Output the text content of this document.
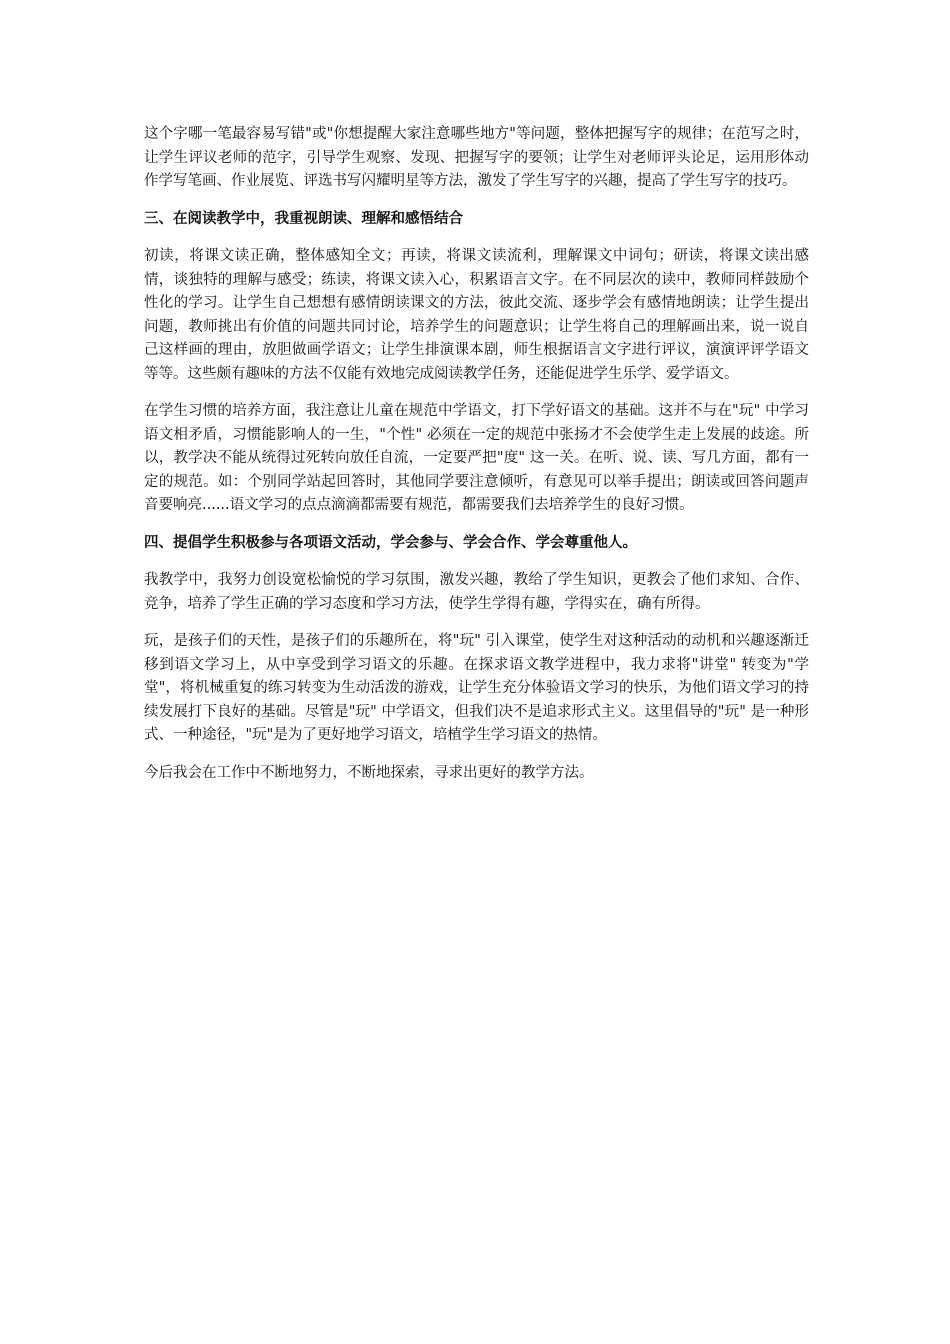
这个字哪一笔最容易写错"或"你想提醒大家注意哪些地方"等问题，整体把握写字的规律；在范写之时，让学生评议老师的范字，引导学生观察、发现、把握写字的要领；让学生对老师评头论足，运用形体动作学写笔画、作业展览、评选书写闪耀明星等方法，激发了学生写字的兴趣，提高了学生写字的技巧。

三、在阅读教学中，我重视朗读、理解和感悟结合

初读，将课文读正确，整体感知全文；再读，将课文读流利，理解课文中词句；研读，将课文读出感情，谈独特的理解与感受；练读，将课文读入心，积累语言文字。在不同层次的读中，教师同样鼓励个性化的学习。让学生自己想想有感情朗读课文的方法，彼此交流、逐步学会有感情地朗读；让学生提出问题，教师挑出有价值的问题共同讨论，培养学生的问题意识；让学生将自己的理解画出来，说一说自己这样画的理由，放胆做画学语文；让学生排演课本剧，师生根据语言文字进行评议，演演评评学语文等等。这些颇有趣味的方法不仅能有效地完成阅读教学任务，还能促进学生乐学、爱学语文。

在学生习惯的培养方面，我注意让儿童在规范中学语文，打下学好语文的基础。这并不与在"玩" 中学习语文相矛盾，习惯能影响人的一生，"个性" 必须在一定的规范中张扬才不会使学生走上发展的歧途。所以，教学决不能从统得过死转向放任自流，一定要严把"度" 这一关。在听、说、读、写几方面，都有一定的规范。如：个别同学站起回答时，其他同学要注意倾听，有意见可以举手提出；朗读或回答问题声音要响亮......语文学习的点点滴滴都需要有规范，都需要我们去培养学生的良好习惯。

四、提倡学生积极参与各项语文活动，学会参与、学会合作、学会尊重他人。

我教学中，我努力创设宽松愉悦的学习氛围，激发兴趣，教给了学生知识，更教会了他们求知、合作、竞争，培养了学生正确的学习态度和学习方法，使学生学得有趣，学得实在，确有所得。

玩，是孩子们的天性，是孩子们的乐趣所在，将"玩" 引入课堂，使学生对这种活动的动机和兴趣逐渐迁移到语文学习上，从中享受到学习语文的乐趣。在探求语文教学进程中，我力求将"讲堂" 转变为"学堂"，将机械重复的练习转变为生动活泼的游戏，让学生充分体验语文学习的快乐，为他们语文学习的持续发展打下良好的基础。尽管是"玩" 中学语文，但我们决不是追求形式主义。这里倡导的"玩" 是一种形式、一种途径，"玩"是为了更好地学习语文，培植学生学习语文的热情。

今后我会在工作中不断地努力，不断地探索，寻求出更好的教学方法。
